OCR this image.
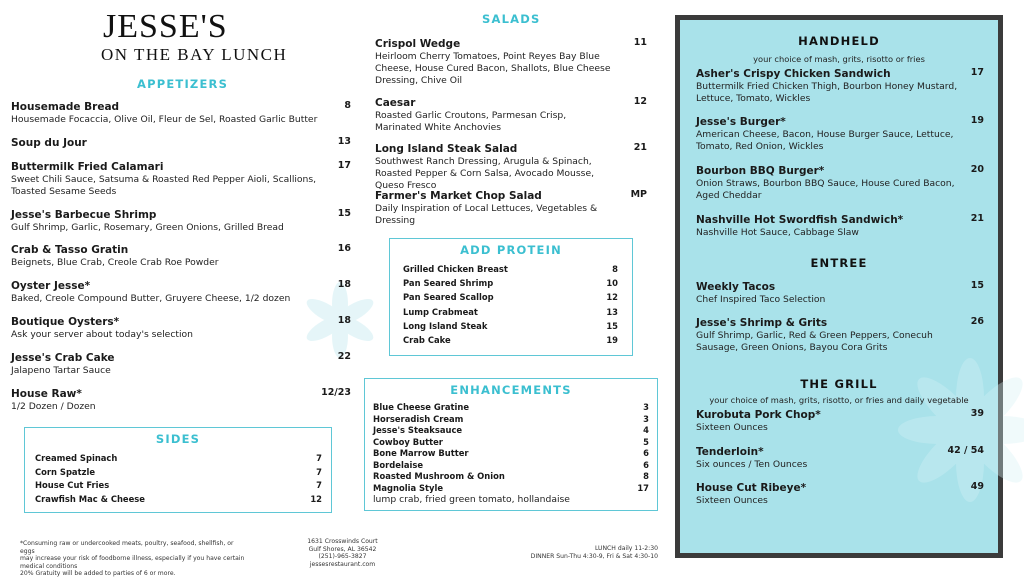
JESSE'S
ON THE BAY LUNCH
APPETIZERS
Housemade Bread	8
Housemade Focaccia, Olive Oil, Fleur de Sel, Roasted Garlic Butter
Soup du Jour	13
Buttermilk Fried Calamari	17
Sweet Chili Sauce, Satsuma & Roasted Red Pepper Aioli, Scallions, Toasted Sesame Seeds
Jesse's Barbecue Shrimp	15
Gulf Shrimp, Garlic, Rosemary, Green Onions, Grilled Bread
Crab & Tasso Gratin	16
Beignets, Blue Crab, Creole Crab Roe Powder
Oyster Jesse*	18
Baked, Creole Compound Butter, Gruyere Cheese, 1/2 dozen
Boutique Oysters*	18
Ask your server about today's selection
Jesse's Crab Cake	22
Jalapeno Tartar Sauce
House Raw*	12/23
1/2 Dozen / Dozen
SIDES
Creamed Spinach	7
Corn Spatzle	7
House Cut Fries	7
Crawfish Mac & Cheese	12
SALADS
Crispol Wedge	11
Heirloom Cherry Tomatoes, Point Reyes Bay Blue Cheese, House Cured Bacon, Shallots, Blue Cheese Dressing, Chive Oil
Caesar	12
Roasted Garlic Croutons, Parmesan Crisp, Marinated White Anchovies
Long Island Steak Salad	21
Southwest Ranch Dressing, Arugula & Spinach, Roasted Pepper & Corn Salsa, Avocado Mousse, Queso Fresco
Farmer's Market Chop Salad	MP
Daily Inspiration of Local Lettuces, Vegetables & Dressing
ADD PROTEIN
Grilled Chicken Breast	8
Pan Seared Shrimp	10
Pan Seared Scallop	12
Lump Crabmeat	13
Long Island Steak	15
Crab Cake	19
ENHANCEMENTS
Blue Cheese Gratine	3
Horseradish Cream	3
Jesse's Steaksauce	4
Cowboy Butter	5
Bone Marrow Butter	6
Bordelaise	6
Roasted Mushroom & Onion	8
Magnolia Style	17
lump crab, fried green tomato, hollandaise
*Consuming raw or undercooked meats, poultry, seafood, shellfish, or eggs
may increase your risk of foodborne illness, especially if you have certain
medical conditions
20% Gratuity will be added to parties of 6 or more.
1631 Crosswinds Court
Gulf Shores, AL 36542
(251)-965-3827
jessesrestaurant.com
LUNCH daily 11-2:30
DINNER Sun-Thu 4:30-9, Fri & Sat 4:30-10
HANDHELD
your choice of mash, grits, risotto or fries
Asher's Crispy Chicken Sandwich	17
Buttermilk Fried Chicken Thigh, Bourbon Honey Mustard, Lettuce, Tomato, Wickles
Jesse's Burger*	19
American Cheese, Bacon, House Burger Sauce, Lettuce, Tomato, Red Onion, Wickles
Bourbon BBQ Burger*	20
Onion Straws, Bourbon BBQ Sauce, House Cured Bacon, Aged Cheddar
Nashville Hot Swordfish Sandwich*	21
Nashville Hot Sauce, Cabbage Slaw
ENTREE
Weekly Tacos	15
Chef Inspired Taco Selection
Jesse's Shrimp & Grits	26
Gulf Shrimp, Garlic, Red & Green Peppers, Conecuh Sausage, Green Onions, Bayou Cora Grits
THE GRILL
your choice of mash, grits, risotto, or fries and daily vegetable
Kurobuta Pork Chop*	39
Sixteen Ounces
Tenderloin*	42 / 54
Six ounces / Ten Ounces
House Cut Ribeye*	49
Sixteen Ounces
